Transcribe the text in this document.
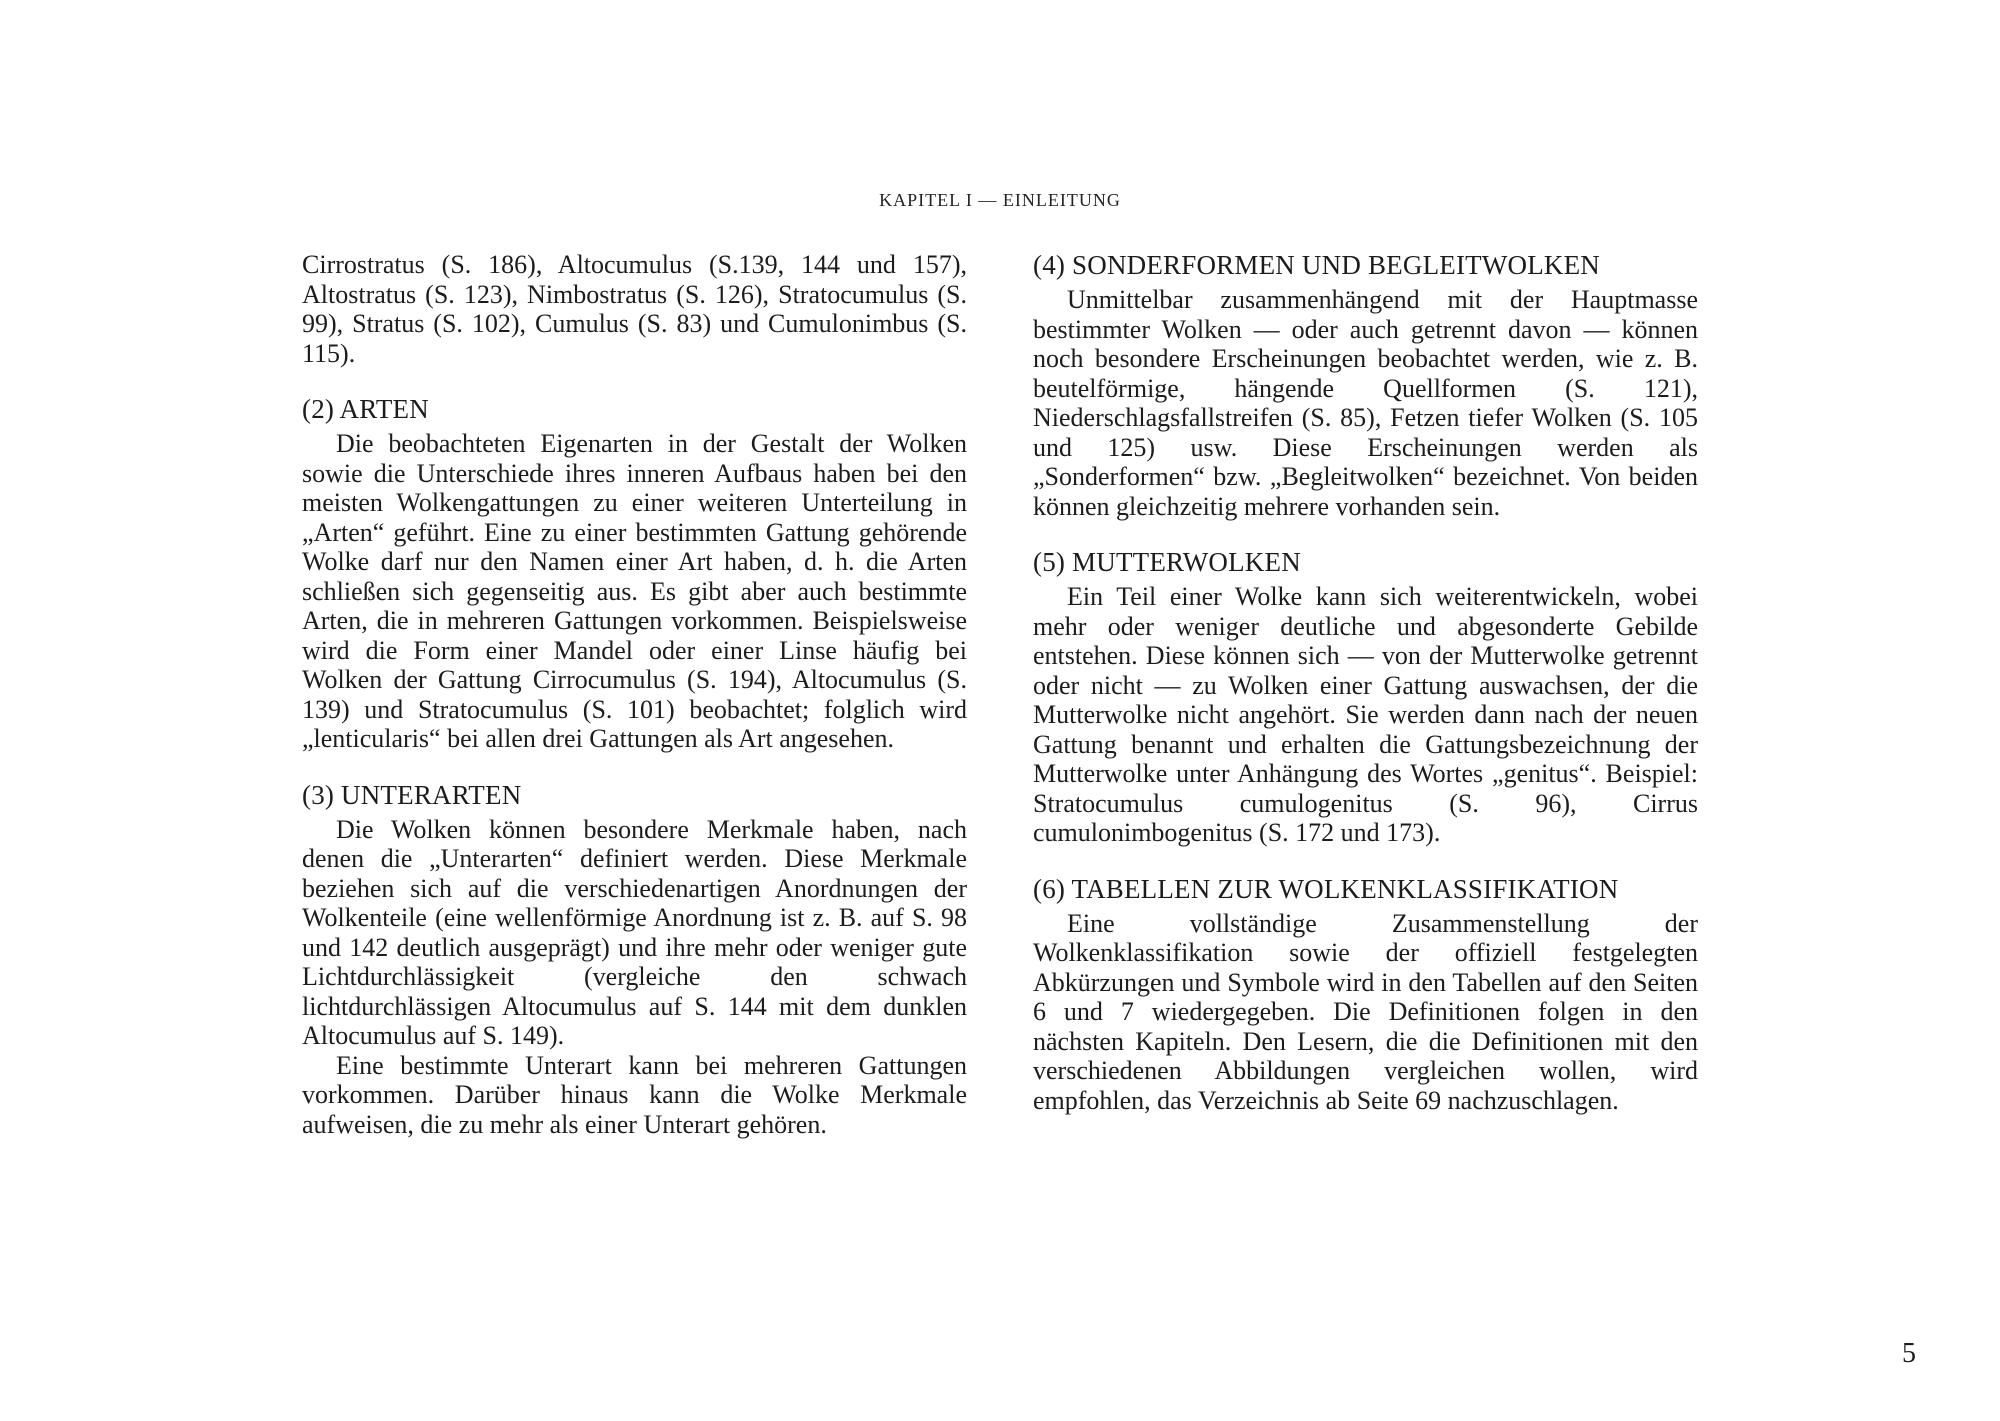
KAPITEL I — EINLEITUNG

Cirrostratus (S. 186), Altocumulus (S.139, 144 und 157), Altostratus (S. 123), Nimbostratus (S. 126), Stratocumulus (S. 99), Stratus (S. 102), Cumulus (S. 83) und Cumulonimbus (S. 115).

(2) ARTEN

Die beobachteten Eigenarten in der Gestalt der Wolken sowie die Unterschiede ihres inneren Aufbaus haben bei den meisten Wolkengattungen zu einer weiteren Unterteilung in „Arten“ geführt. Eine zu einer bestimmten Gattung gehörende Wolke darf nur den Namen einer Art haben, d. h. die Arten schließen sich gegenseitig aus. Es gibt aber auch bestimmte Arten, die in mehreren Gattungen vorkommen. Beispielsweise wird die Form einer Mandel oder einer Linse häufig bei Wolken der Gattung Cirrocumulus (S. 194), Altocumulus (S. 139) und Stratocumulus (S. 101) beobachtet; folglich wird „lenticularis“ bei allen drei Gattungen als Art angesehen.

(3) UNTERARTEN

Die Wolken können besondere Merkmale haben, nach denen die „Unterarten“ definiert werden. Diese Merkmale beziehen sich auf die verschiedenartigen Anordnungen der Wolkenteile (eine wellenförmige Anordnung ist z. B. auf S. 98 und 142 deutlich ausgeprägt) und ihre mehr oder weniger gute Lichtdurchlässigkeit (vergleiche den schwach lichtdurchlässigen Altocumulus auf S. 144 mit dem dunklen Altocumulus auf S. 149).

Eine bestimmte Unterart kann bei mehreren Gattungen vorkommen. Darüber hinaus kann die Wolke Merkmale aufweisen, die zu mehr als einer Unterart gehören.

(4) SONDERFORMEN UND BEGLEITWOLKEN

Unmittelbar zusammenhängend mit der Hauptmasse bestimmter Wolken — oder auch getrennt davon — können noch besondere Erscheinungen beobachtet werden, wie z. B. beutelförmige, hängende Quellformen (S. 121), Niederschlagsfallstreifen (S. 85), Fetzen tiefer Wolken (S. 105 und 125) usw. Diese Erscheinungen werden als „Sonderformen“ bzw. „Begleitwolken“ bezeichnet. Von beiden können gleichzeitig mehrere vorhanden sein.

(5) MUTTERWOLKEN

Ein Teil einer Wolke kann sich weiterentwickeln, wobei mehr oder weniger deutliche und abgesonderte Gebilde entstehen. Diese können sich — von der Mutterwolke getrennt oder nicht — zu Wolken einer Gattung auswachsen, der die Mutterwolke nicht angehört. Sie werden dann nach der neuen Gattung benannt und erhalten die Gattungsbezeichnung der Mutterwolke unter Anhängung des Wortes „genitus“. Beispiel: Stratocumulus cumulogenitus (S. 96), Cirrus cumulonimbogenitus (S. 172 und 173).

(6) TABELLEN ZUR WOLKENKLASSIFIKATION

Eine vollständige Zusammenstellung der Wolkenklassifikation sowie der offiziell festgelegten Abkürzungen und Symbole wird in den Tabellen auf den Seiten 6 und 7 wiedergegeben. Die Definitionen folgen in den nächsten Kapiteln. Den Lesern, die die Definitionen mit den verschiedenen Abbildungen vergleichen wollen, wird empfohlen, das Verzeichnis ab Seite 69 nachzuschlagen.

5
